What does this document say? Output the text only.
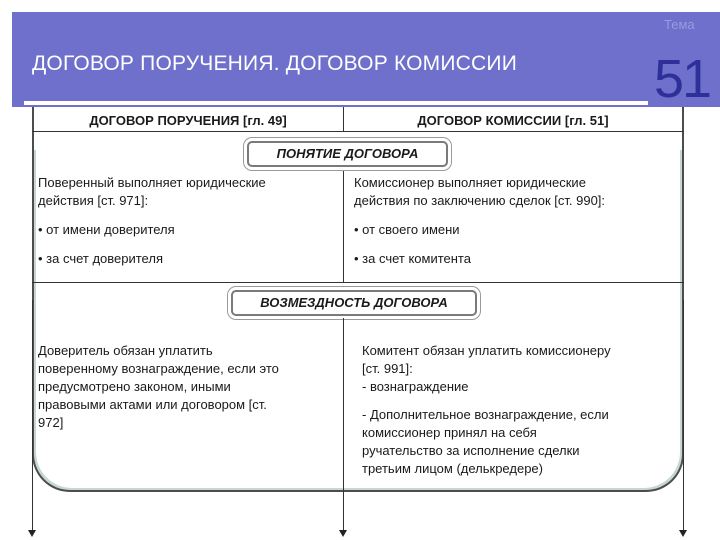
ДОГОВОР ПОРУЧЕНИЯ. ДОГОВОР КОМИССИИ
Тема
51
ДОГОВОР ПОРУЧЕНИЯ [гл. 49]	ДОГОВОР КОМИССИИ [гл. 51]
ПОНЯТИЕ ДОГОВОРА
Поверенный выполняет юридические
действия [ст. 971]:
• от имени доверителя
• за счет доверителя
Комиссионер выполняет юридические
действия по заключению сделок [ст. 990]:
• от своего имени
• за счет комитента
ВОЗМЕЗДНОСТЬ ДОГОВОРА
Доверитель обязан уплатить
поверенному вознаграждение, если это
предусмотрено законом, иными
правовыми актами или договором [ст.
972]
Комитент обязан уплатить комиссионеру
[ст. 991]:
- вознаграждение
- Дополнительное вознаграждение, если
комиссионер принял на себя
ручательство за исполнение сделки
третьим лицом (делькредере)
